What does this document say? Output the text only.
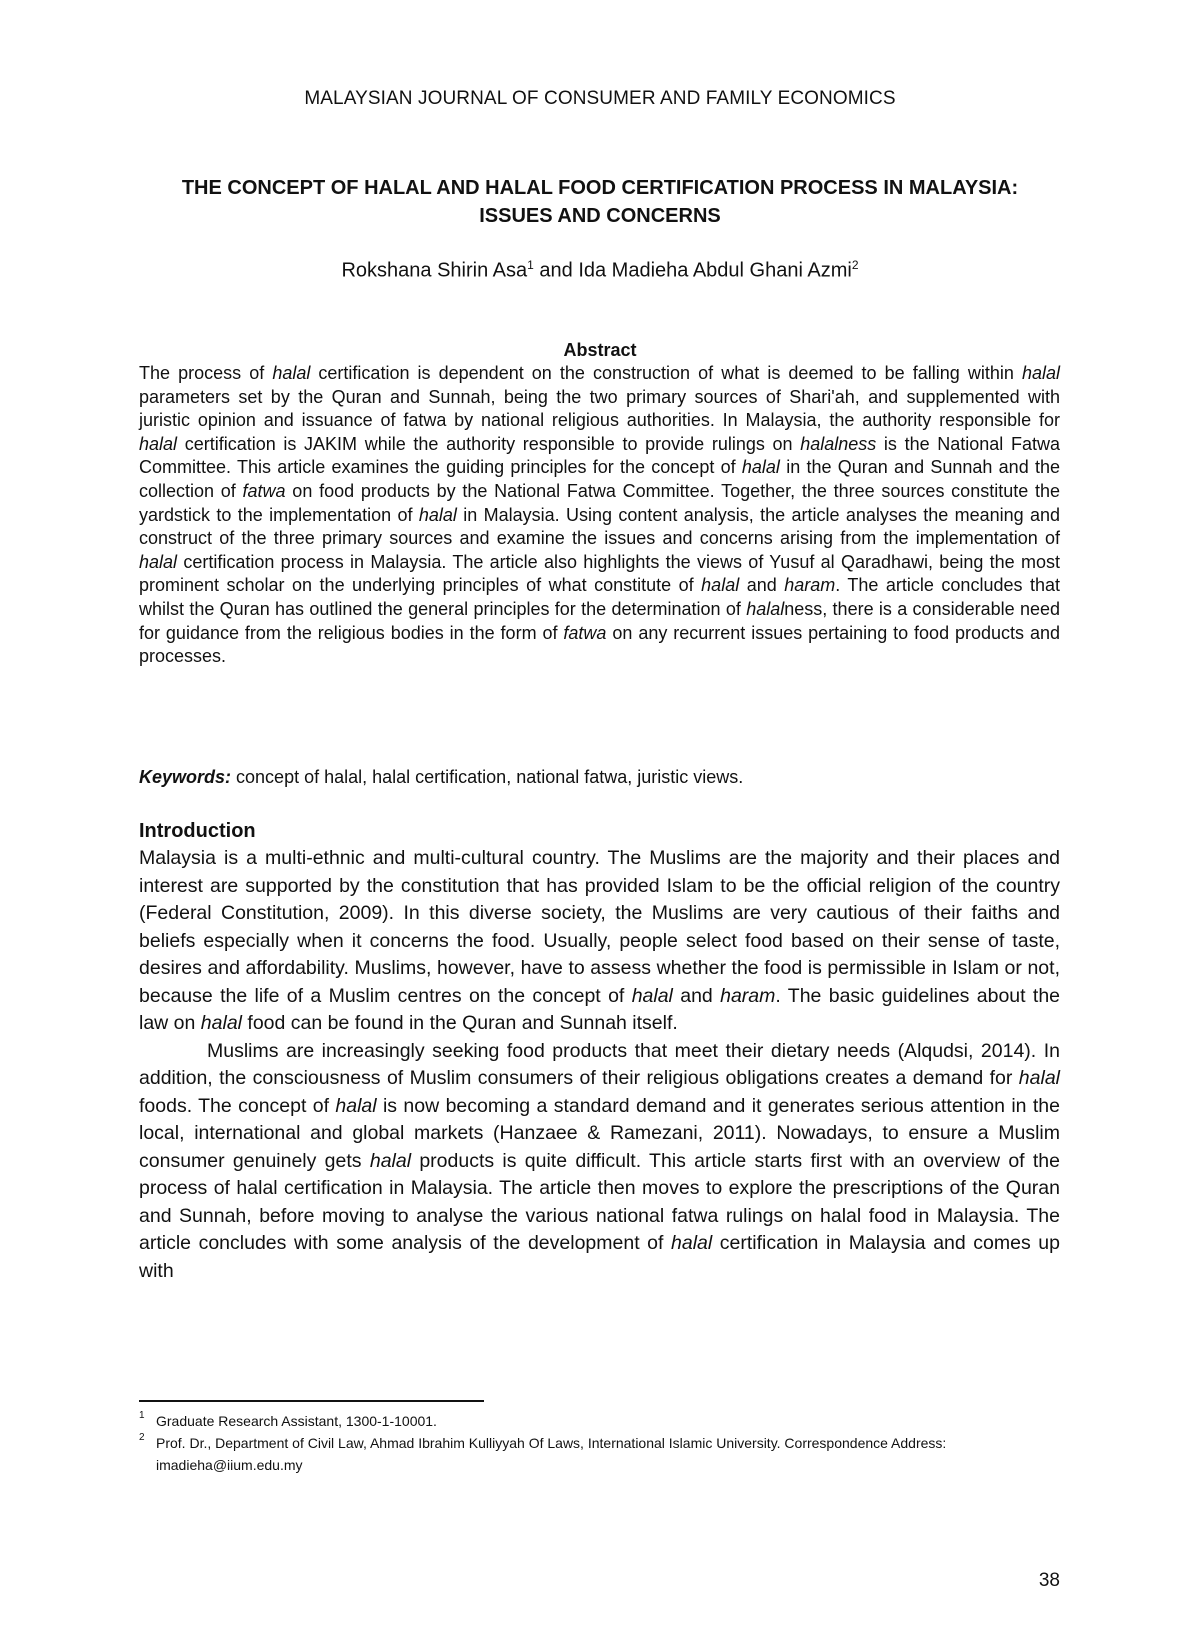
MALAYSIAN JOURNAL OF CONSUMER AND FAMILY ECONOMICS
THE CONCEPT OF HALAL AND HALAL FOOD CERTIFICATION PROCESS IN MALAYSIA: ISSUES AND CONCERNS
Rokshana Shirin Asa$^1$ and Ida Madieha Abdul Ghani Azmi$^2$
Abstract
The process of halal certification is dependent on the construction of what is deemed to be falling within halal parameters set by the Quran and Sunnah, being the two primary sources of Shari'ah, and supplemented with juristic opinion and issuance of fatwa by national religious authorities. In Malaysia, the authority responsible for halal certification is JAKIM while the authority responsible to provide rulings on halalness is the National Fatwa Committee. This article examines the guiding principles for the concept of halal in the Quran and Sunnah and the collection of fatwa on food products by the National Fatwa Committee. Together, the three sources constitute the yardstick to the implementation of halal in Malaysia. Using content analysis, the article analyses the meaning and construct of the three primary sources and examine the issues and concerns arising from the implementation of halal certification process in Malaysia. The article also highlights the views of Yusuf al Qaradhawi, being the most prominent scholar on the underlying principles of what constitute of halal and haram. The article concludes that whilst the Quran has outlined the general principles for the determination of halalness, there is a considerable need for guidance from the religious bodies in the form of fatwa on any recurrent issues pertaining to food products and processes.
Keywords: concept of halal, halal certification, national fatwa, juristic views.
Introduction

Malaysia is a multi-ethnic and multi-cultural country. The Muslims are the majority and their places and interest are supported by the constitution that has provided Islam to be the official religion of the country (Federal Constitution, 2009). In this diverse society, the Muslims are very cautious of their faiths and beliefs especially when it concerns the food. Usually, people select food based on their sense of taste, desires and affordability. Muslims, however, have to assess whether the food is permissible in Islam or not, because the life of a Muslim centres on the concept of halal and haram. The basic guidelines about the law on halal food can be found in the Quran and Sunnah itself.

Muslims are increasingly seeking food products that meet their dietary needs (Alqudsi, 2014). In addition, the consciousness of Muslim consumers of their religious obligations creates a demand for halal foods. The concept of halal is now becoming a standard demand and it generates serious attention in the local, international and global markets (Hanzaee & Ramezani, 2011). Nowadays, to ensure a Muslim consumer genuinely gets halal products is quite difficult. This article starts first with an overview of the process of halal certification in Malaysia. The article then moves to explore the prescriptions of the Quran and Sunnah, before moving to analyse the various national fatwa rulings on halal food in Malaysia. The article concludes with some analysis of the development of halal certification in Malaysia and comes up with

1 Graduate Research Assistant, 1300-1-10001.
2 Prof. Dr., Department of Civil Law, Ahmad Ibrahim Kulliyyah Of Laws, International Islamic University. Correspondence Address: imadieha@iium.edu.my
38
